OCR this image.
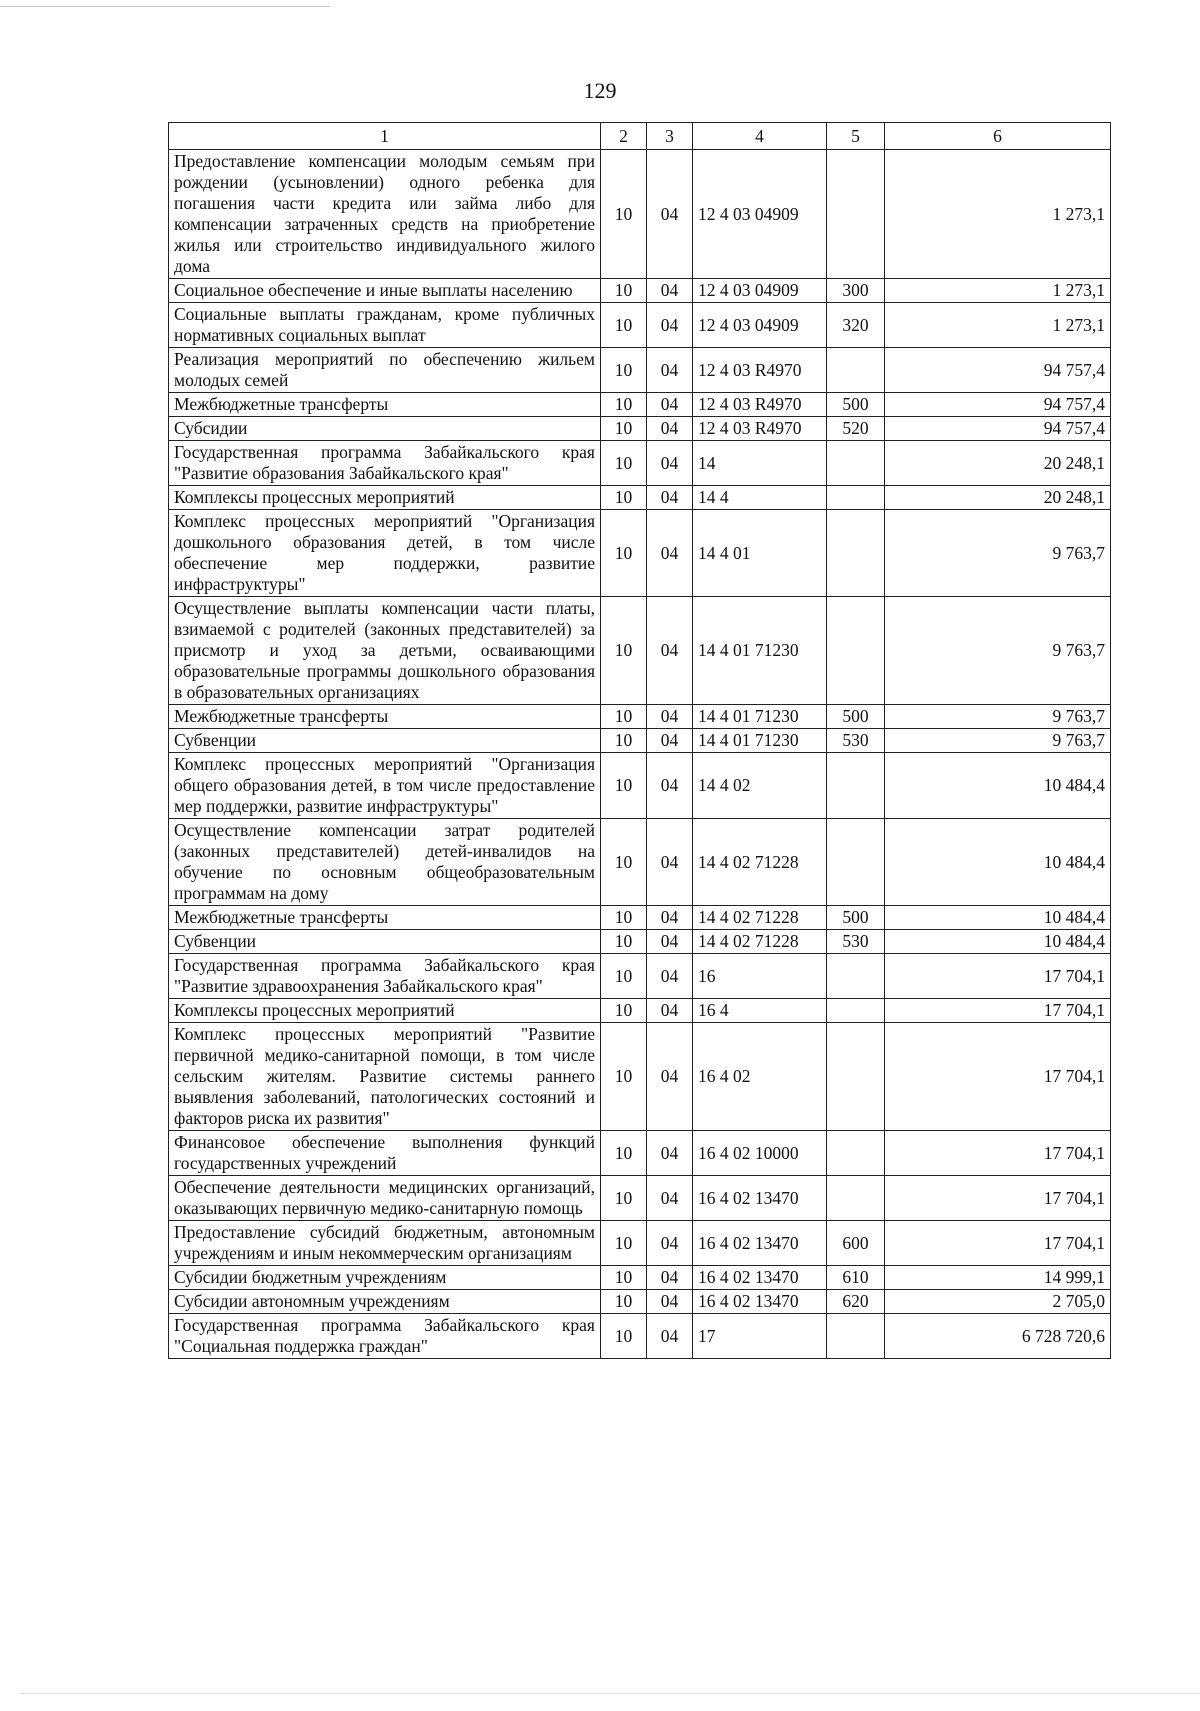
129
1	2	3	4	5	6
Предоставление компенсации молодым семьям при рождении (усыновлении) одного ребенка для погашения части кредита или займа либо для компенсации затраченных средств на приобретение жилья или строительство индивидуального жилого дома	10	04	12 4 03 04909		1 273,1
Социальное обеспечение и иные выплаты населению	10	04	12 4 03 04909	300	1 273,1
Социальные выплаты гражданам, кроме публичных нормативных социальных выплат	10	04	12 4 03 04909	320	1 273,1
Реализация мероприятий по обеспечению жильем молодых семей	10	04	12 4 03 R4970		94 757,4
Межбюджетные трансферты	10	04	12 4 03 R4970	500	94 757,4
Субсидии	10	04	12 4 03 R4970	520	94 757,4
Государственная программа Забайкальского края "Развитие образования Забайкальского края"	10	04	14		20 248,1
Комплексы процессных мероприятий	10	04	14 4		20 248,1
Комплекс процессных мероприятий "Организация дошкольного образования детей, в том числе обеспечение мер поддержки, развитие инфраструктуры"	10	04	14 4 01		9 763,7
Осуществление выплаты компенсации части платы, взимаемой с родителей (законных представителей) за присмотр и уход за детьми, осваивающими образовательные программы дошкольного образования в образовательных организациях	10	04	14 4 01 71230		9 763,7
Межбюджетные трансферты	10	04	14 4 01 71230	500	9 763,7
Субвенции	10	04	14 4 01 71230	530	9 763,7
Комплекс процессных мероприятий "Организация общего образования детей, в том числе предоставление мер поддержки, развитие инфраструктуры"	10	04	14 4 02		10 484,4
Осуществление компенсации затрат родителей (законных представителей) детей-инвалидов на обучение по основным общеобразовательным программам на дому	10	04	14 4 02 71228		10 484,4
Межбюджетные трансферты	10	04	14 4 02 71228	500	10 484,4
Субвенции	10	04	14 4 02 71228	530	10 484,4
Государственная программа Забайкальского края "Развитие здравоохранения Забайкальского края"	10	04	16		17 704,1
Комплексы процессных мероприятий	10	04	16 4		17 704,1
Комплекс процессных мероприятий "Развитие первичной медико-санитарной помощи, в том числе сельским жителям. Развитие системы раннего выявления заболеваний, патологических состояний и факторов риска их развития"	10	04	16 4 02		17 704,1
Финансовое обеспечение выполнения функций государственных учреждений	10	04	16 4 02 10000		17 704,1
Обеспечение деятельности медицинских организаций, оказывающих первичную медико-санитарную помощь	10	04	16 4 02 13470		17 704,1
Предоставление субсидий бюджетным, автономным учреждениям и иным некоммерческим организациям	10	04	16 4 02 13470	600	17 704,1
Субсидии бюджетным учреждениям	10	04	16 4 02 13470	610	14 999,1
Субсидии автономным учреждениям	10	04	16 4 02 13470	620	2 705,0
Государственная программа Забайкальского края "Социальная поддержка граждан"	10	04	17		6 728 720,6
